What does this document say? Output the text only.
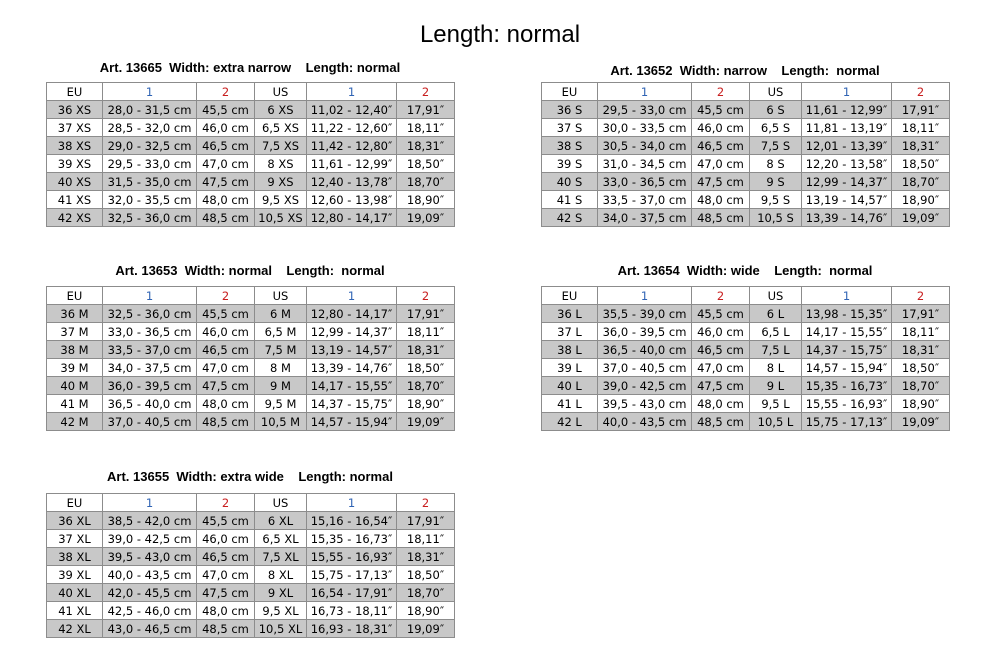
Length: normal
Art. 13665  Width: extra narrow    Length: normal
EU	1	2	US	1	2
36 XS	28,0 - 31,5 cm	45,5 cm	6 XS	11,02 - 12,40″	17,91″
37 XS	28,5 - 32,0 cm	46,0 cm	6,5 XS	11,22 - 12,60″	18,11″
38 XS	29,0 - 32,5 cm	46,5 cm	7,5 XS	11,42 - 12,80″	18,31″
39 XS	29,5 - 33,0 cm	47,0 cm	8 XS	11,61 - 12,99″	18,50″
40 XS	31,5 - 35,0 cm	47,5 cm	9 XS	12,40 - 13,78″	18,70″
41 XS	32,0 - 35,5 cm	48,0 cm	9,5 XS	12,60 - 13,98″	18,90″
42 XS	32,5 - 36,0 cm	48,5 cm	10,5 XS	12,80 - 14,17″	19,09″
Art. 13652  Width: narrow    Length:  normal
EU	1	2	US	1	2
36 S	29,5 - 33,0 cm	45,5 cm	6 S	11,61 - 12,99″	17,91″
37 S	30,0 - 33,5 cm	46,0 cm	6,5 S	11,81 - 13,19″	18,11″
38 S	30,5 - 34,0 cm	46,5 cm	7,5 S	12,01 - 13,39″	18,31″
39 S	31,0 - 34,5 cm	47,0 cm	8 S	12,20 - 13,58″	18,50″
40 S	33,0 - 36,5 cm	47,5 cm	9 S	12,99 - 14,37″	18,70″
41 S	33,5 - 37,0 cm	48,0 cm	9,5 S	13,19 - 14,57″	18,90″
42 S	34,0 - 37,5 cm	48,5 cm	10,5 S	13,39 - 14,76″	19,09″
Art. 13653  Width: normal    Length:  normal
EU	1	2	US	1	2
36 M	32,5 - 36,0 cm	45,5 cm	6 M	12,80 - 14,17″	17,91″
37 M	33,0 - 36,5 cm	46,0 cm	6,5 M	12,99 - 14,37″	18,11″
38 M	33,5 - 37,0 cm	46,5 cm	7,5 M	13,19 - 14,57″	18,31″
39 M	34,0 - 37,5 cm	47,0 cm	8 M	13,39 - 14,76″	18,50″
40 M	36,0 - 39,5 cm	47,5 cm	9 M	14,17 - 15,55″	18,70″
41 M	36,5 - 40,0 cm	48,0 cm	9,5 M	14,37 - 15,75″	18,90″
42 M	37,0 - 40,5 cm	48,5 cm	10,5 M	14,57 - 15,94″	19,09″
Art. 13654  Width: wide    Length:  normal
EU	1	2	US	1	2
36 L	35,5 - 39,0 cm	45,5 cm	6 L	13,98 - 15,35″	17,91″
37 L	36,0 - 39,5 cm	46,0 cm	6,5 L	14,17 - 15,55″	18,11″
38 L	36,5 - 40,0 cm	46,5 cm	7,5 L	14,37 - 15,75″	18,31″
39 L	37,0 - 40,5 cm	47,0 cm	8 L	14,57 - 15,94″	18,50″
40 L	39,0 - 42,5 cm	47,5 cm	9 L	15,35 - 16,73″	18,70″
41 L	39,5 - 43,0 cm	48,0 cm	9,5 L	15,55 - 16,93″	18,90″
42 L	40,0 - 43,5 cm	48,5 cm	10,5 L	15,75 - 17,13″	19,09″
Art. 13655  Width: extra wide    Length: normal
EU	1	2	US	1	2
36 XL	38,5 - 42,0 cm	45,5 cm	6 XL	15,16 - 16,54″	17,91″
37 XL	39,0 - 42,5 cm	46,0 cm	6,5 XL	15,35 - 16,73″	18,11″
38 XL	39,5 - 43,0 cm	46,5 cm	7,5 XL	15,55 - 16,93″	18,31″
39 XL	40,0 - 43,5 cm	47,0 cm	8 XL	15,75 - 17,13″	18,50″
40 XL	42,0 - 45,5 cm	47,5 cm	9 XL	16,54 - 17,91″	18,70″
41 XL	42,5 - 46,0 cm	48,0 cm	9,5 XL	16,73 - 18,11″	18,90″
42 XL	43,0 - 46,5 cm	48,5 cm	10,5 XL	16,93 - 18,31″	19,09″
